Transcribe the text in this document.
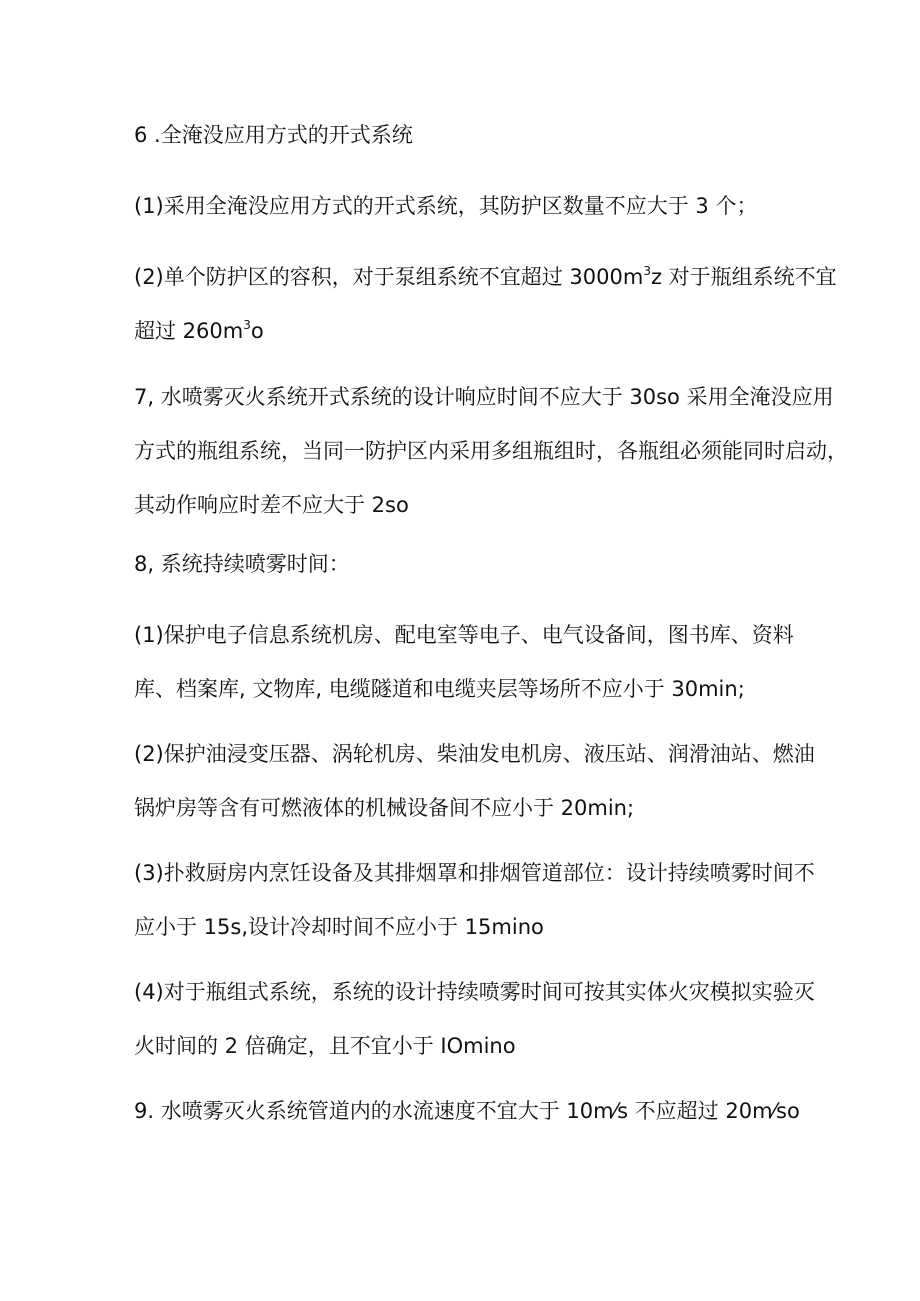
6 .全淹没应用方式的开式系统

(1)采用全淹没应用方式的开式系统，其防护区数量不应大于 3 个；

(2)单个防护区的容积，对于泵组系统不宜超过 $3000m^3z$ 对于瓶组系统不宜
超过 $260m^3o$

7, 水喷雾灭火系统开式系统的设计响应时间不应大于 30so 采用全淹没应用
方式的瓶组系统，当同一防护区内采用多组瓶组时，各瓶组必须能同时启动，
其动作响应时差不应大于 2so

8, 系统持续喷雾时间：

(1)保护电子信息系统机房、配电室等电子、电气设备间，图书库、资料
库、档案库, 文物库, 电缆隧道和电缆夹层等场所不应小于 30min;

(2)保护油浸变压器、涡轮机房、柴油发电机房、液压站、润滑油站、燃油
锅炉房等含有可燃液体的机械设备间不应小于 20min;

(3)扑救厨房内烹饪设备及其排烟罩和排烟管道部位：设计持续喷雾时间不
应小于 15s,设计冷却时间不应小于 15mino

(4)对于瓶组式系统，系统的设计持续喷雾时间可按其实体火灾模拟实验灭
火时间的 2 倍确定，且不宜小于 IOmino

9. 水喷雾灭火系统管道内的水流速度不宜大于 10m⁄s 不应超过 20m⁄so
